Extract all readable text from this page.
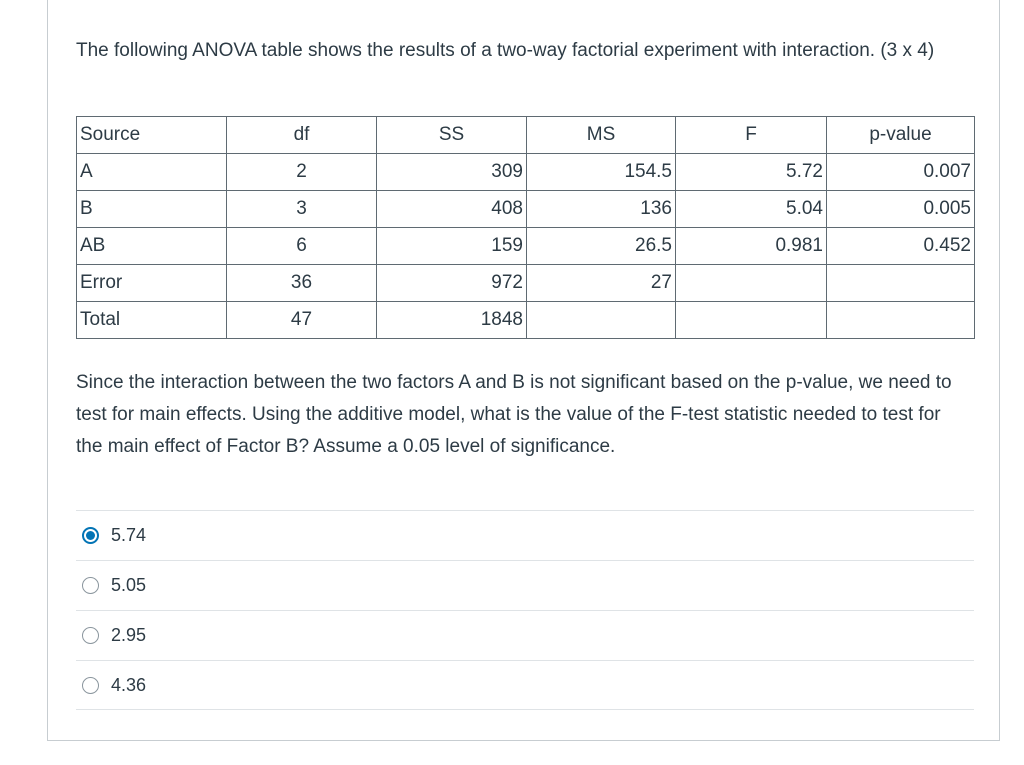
The following ANOVA table shows the results of a two-way factorial experiment with interaction. (3 x 4)

Source	df	SS	MS	F	p-value
A	2	309	154.5	5.72	0.007
B	3	408	136	5.04	0.005
AB	6	159	26.5	0.981	0.452
Error	36	972	27		
Total	47	1848			

Since the interaction between the two factors A and B is not significant based on the p-value, we need to test for main effects. Using the additive model, what is the value of the F-test statistic needed to test for the main effect of Factor B? Assume a 0.05 level of significance.

5.74
5.05
2.95
4.36
